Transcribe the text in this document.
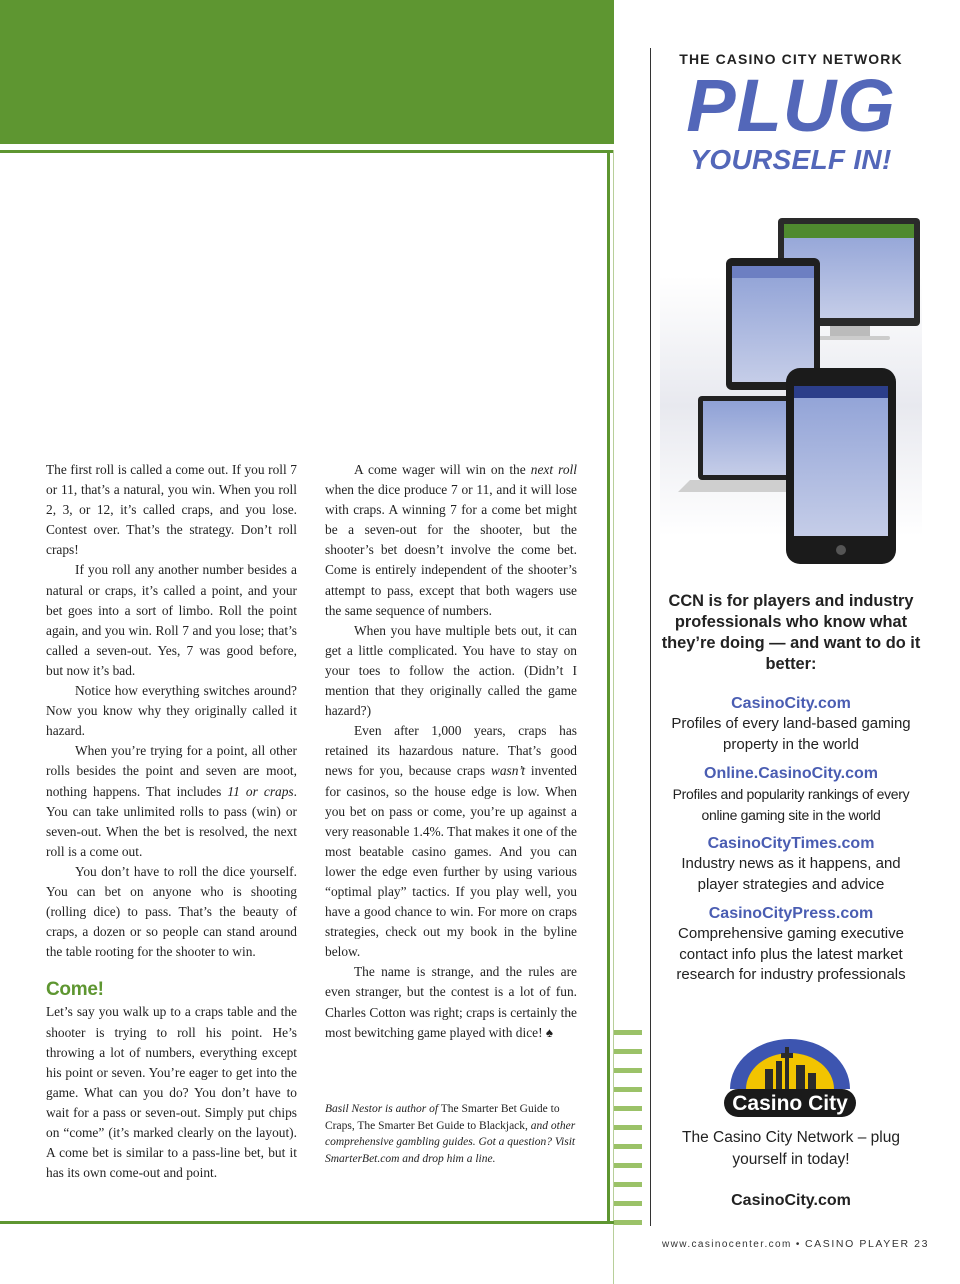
The first roll is called a come out. If you roll 7 or 11, that’s a natural, you win. When you roll 2, 3, or 12, it’s called craps, and you lose. Contest over. That’s the strategy. Don’t roll craps!

If you roll any another number besides a natural or craps, it’s called a point, and your bet goes into a sort of limbo. Roll the point again, and you win. Roll 7 and you lose; that’s called a seven-out. Yes, 7 was good before, but now it’s bad.

Notice how everything switches around? Now you know why they originally called it hazard.

When you’re trying for a point, all other rolls besides the point and seven are moot, nothing happens. That includes 11 or craps. You can take unlimited rolls to pass (win) or seven-out. When the bet is resolved, the next roll is a come out.

You don’t have to roll the dice yourself. You can bet on anyone who is shooting (rolling dice) to pass. That’s the beauty of craps, a dozen or so people can stand around the table rooting for the shooter to win.

Come!

Let’s say you walk up to a craps table and the shooter is trying to roll his point. He’s throwing a lot of numbers, everything except his point or seven. You’re eager to get into the game. What can you do? You don’t have to wait for a pass or seven-out. Simply put chips on “come” (it’s marked clearly on the layout). A come bet is similar to a pass-line bet, but it has its own come-out and point.

A come wager will win on the next roll when the dice produce 7 or 11, and it will lose with craps. A winning 7 for a come bet might be a seven-out for the shooter, but the shooter’s bet doesn’t involve the come bet. Come is entirely independent of the shooter’s attempt to pass, except that both wagers use the same sequence of numbers.

When you have multiple bets out, it can get a little complicated. You have to stay on your toes to follow the action. (Didn’t I mention that they originally called the game hazard?)

Even after 1,000 years, craps has retained its hazardous nature. That’s good news for you, because craps wasn’t invented for casinos, so the house edge is low. When you bet on pass or come, you’re up against a very reasonable 1.4%. That makes it one of the most beatable casino games. And you can lower the edge even further by using various “optimal play” tactics. If you play well, you have a good chance to win. For more on craps strategies, check out my book in the byline below.

The name is strange, and the rules are even stranger, but the contest is a lot of fun. Charles Cotton was right; craps is certainly the most bewitching game played with dice! ♠

Basil Nestor is author of The Smarter Bet Guide to Craps, The Smarter Bet Guide to Blackjack, and other comprehensive gambling guides. Got a question? Visit SmarterBet.com and drop him a line.
THE CASINO CITY NETWORK
PLUG
YOURSELF IN!
CCN is for players and industry professionals who know what they’re doing — and want to do it better:
CasinoCity.com
Profiles of every land-based gaming property in the world
Online.CasinoCity.com
Profiles and popularity rankings of every online gaming site in the world
CasinoCityTimes.com
Industry news as it happens, and player strategies and advice
CasinoCityPress.com
Comprehensive gaming executive contact info plus the latest market research for industry professionals
Casino City
The Casino City Network – plug yourself in today!
CasinoCity.com
www.casinocenter.com • CASINO PLAYER 23
